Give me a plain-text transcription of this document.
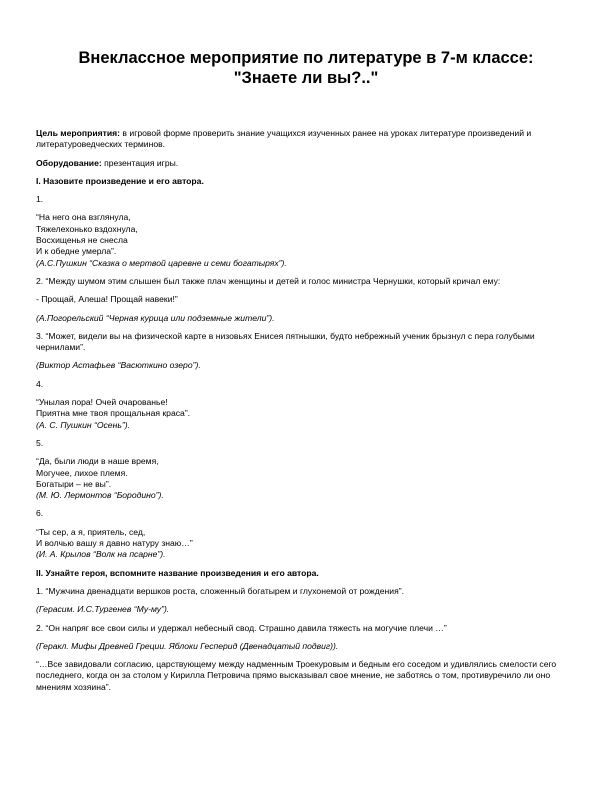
Внеклассное мероприятие по литературе в 7-м классе:
"Знаете ли вы?.."

Цель мероприятия: в игровой форме проверить знание учащихся изученных ранее на уроках литературе произведений и литературоведческих терминов.

Оборудование: презентация игры.

I. Назовите произведение и его автора.

1.

“На него она взглянула,
Тяжелехонько вздохнула,
Восхищенья не снесла
И к обедне умерла”.
(А.С.Пушкин “Сказка о мертвой царевне и семи богатырях”).

2. “Между шумом этим слышен был также плач женщины и детей и голос министра Чернушки, который кричал ему:

- Прощай, Алеша! Прощай навеки!”

(А.Погорельский “Черная курица или подземные жители”).

3. “Может, видели вы на физической карте в низовьях Енисея пятнышки, будто небрежный ученик брызнул с пера голубыми чернилами”.

(Виктор Астафьев “Васюткино озеро”).

4.

“Унылая пора! Очей очарованье!
Приятна мне твоя прощальная краса”.
(А. С. Пушкин “Осень”).

5.

“Да, были люди в наше время,
Могучее, лихое племя.
Богатыри – не вы”.
(М. Ю. Лермонтов “Бородино”).

6.

“Ты сер, а я, приятель, сед,
И волчью вашу я давно натуру знаю…”
(И. А. Крылов “Волк на псарне”).

II. Узнайте героя, вспомните название произведения и его автора.

1. “Мужчина двенадцати вершков роста, сложенный богатырем и глухонемой от рождения”.

(Герасим. И.С.Тургенев “Му-му”).

2. “Он напряг все свои силы и удержал небесный свод. Страшно давила тяжесть на могучие плечи …”

(Геракл. Мифы Древней Греции. Яблоки Гесперид (Двенадцатый подвиг)).

“…Все завидовали согласию, царствующему между надменным Троекуровым и бедным его соседом и удивлялись смелости сего последнего, когда он за столом у Кирилла Петровича прямо высказывал свое мнение, не заботясь о том, противуречило ли оно мнениям хозяина”.
